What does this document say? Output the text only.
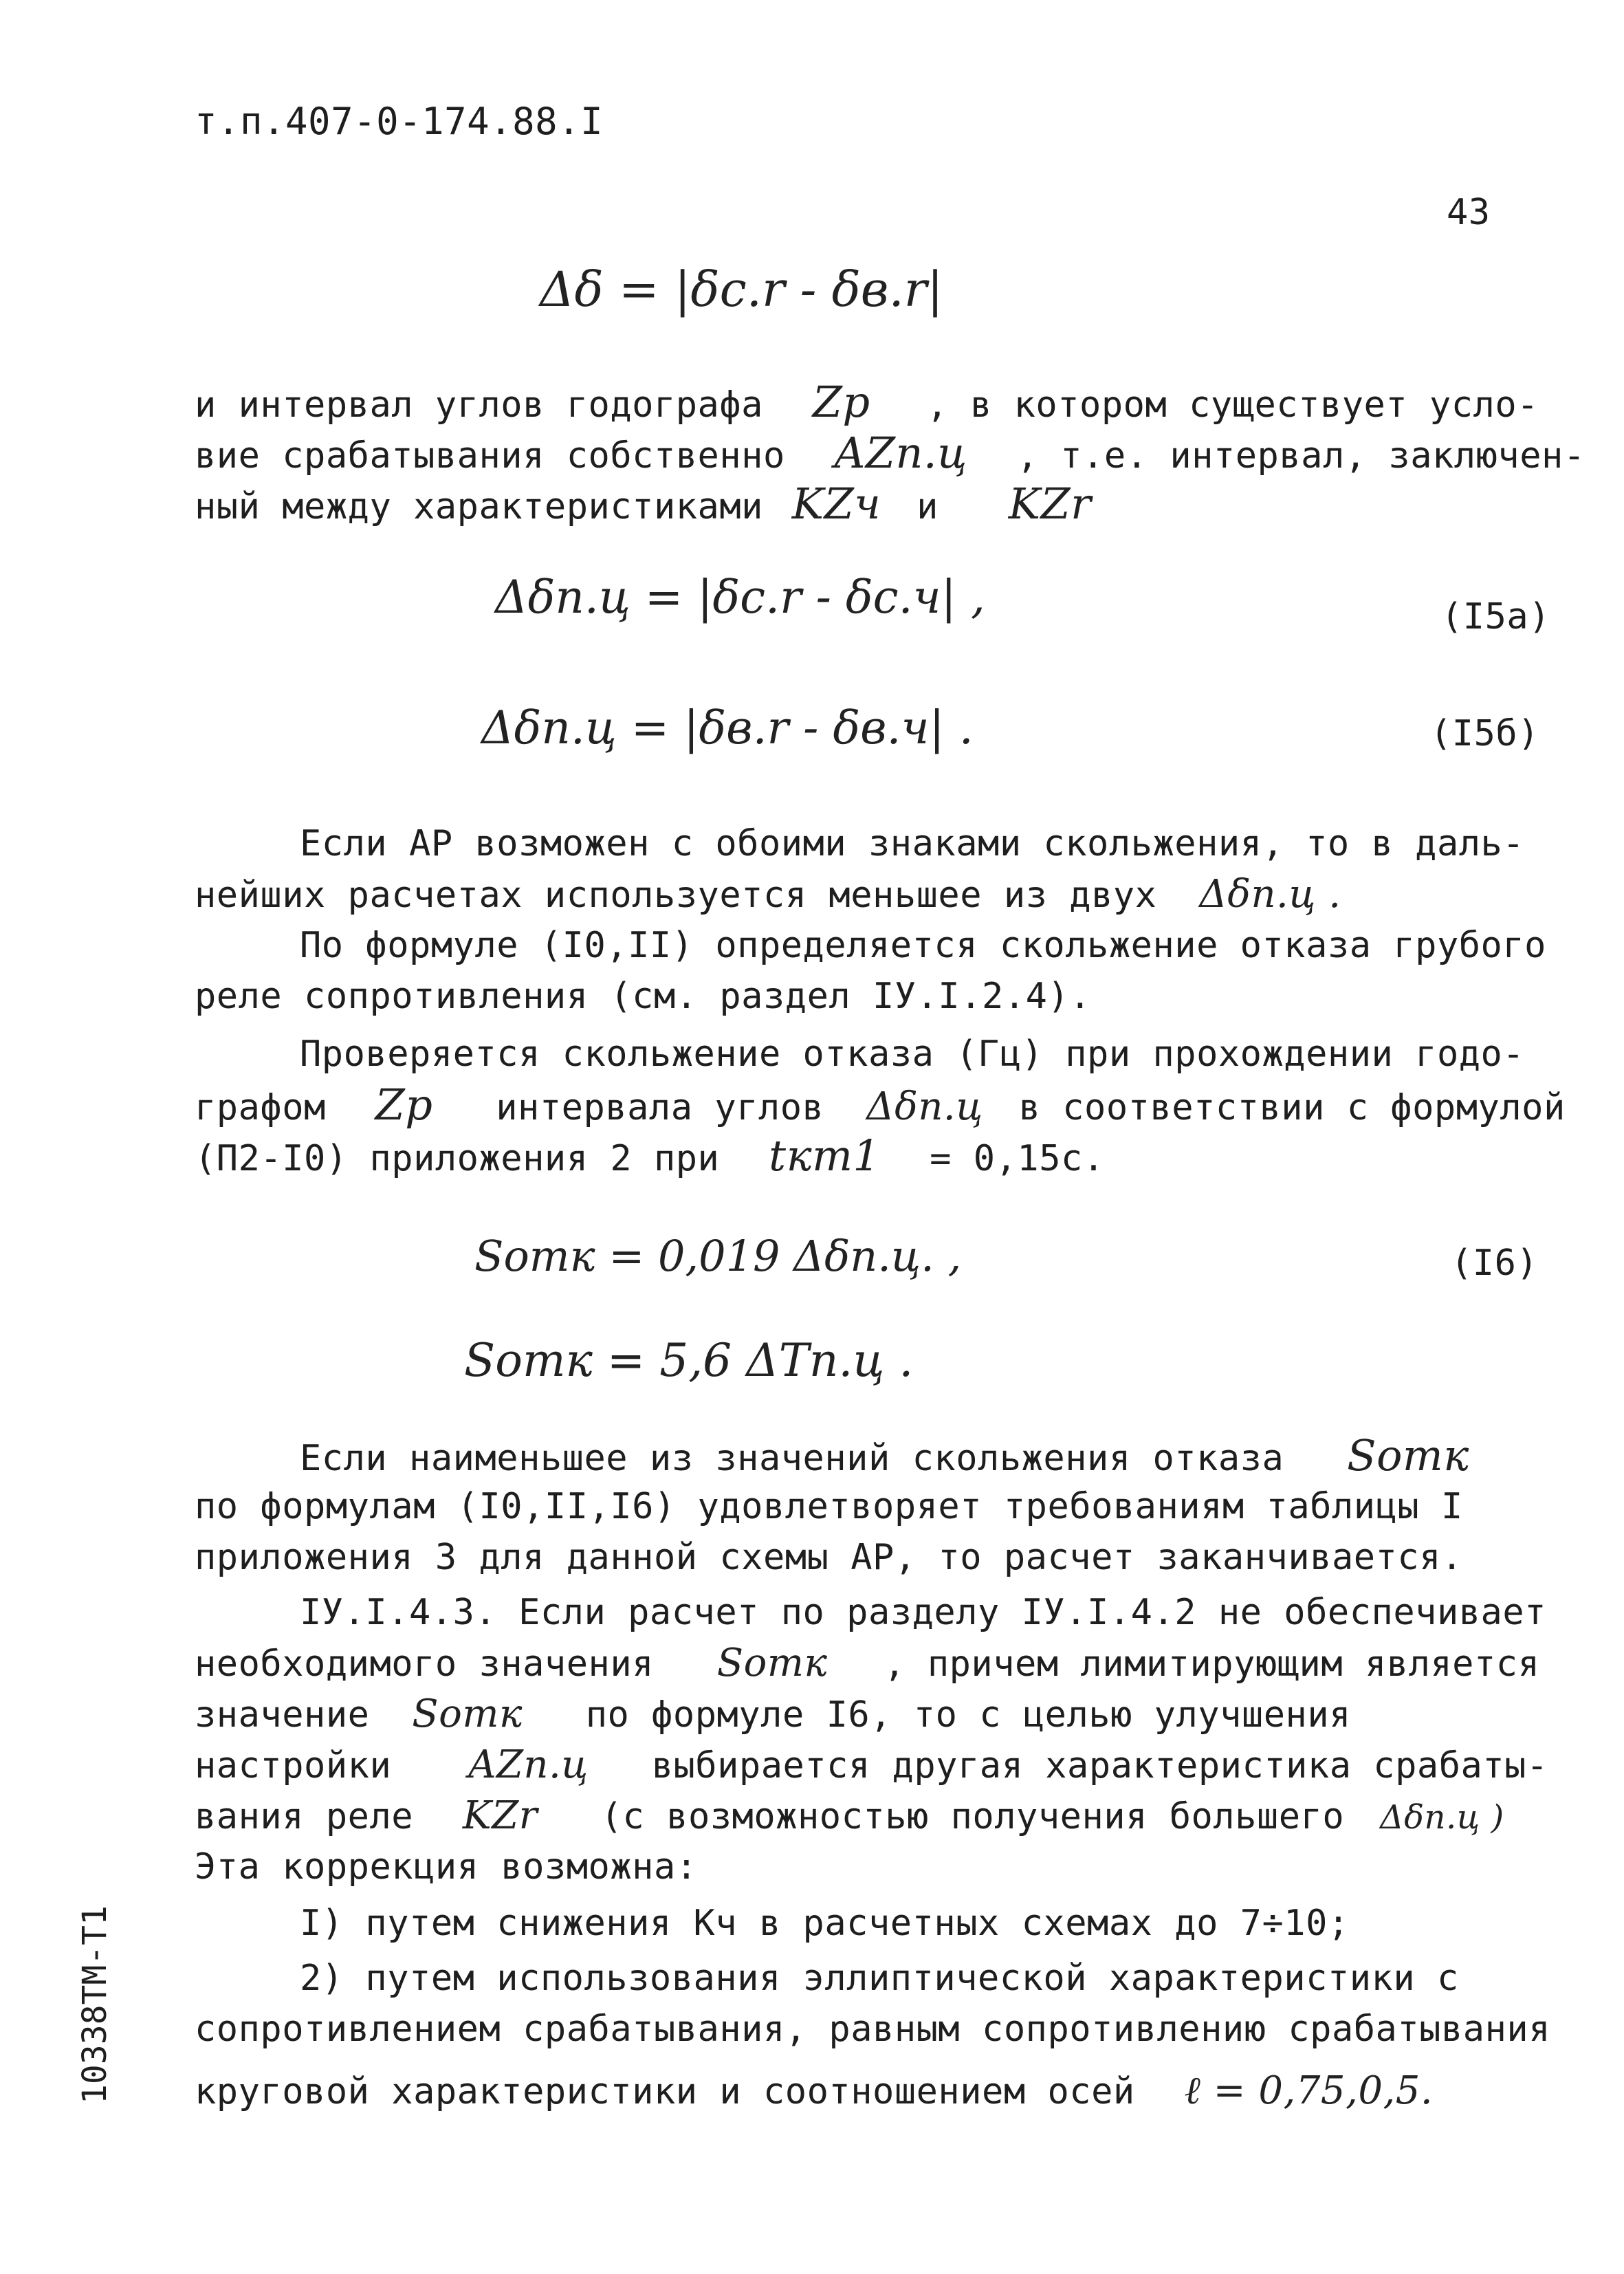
т.п.407-0-174.88.I
43
Δδ = |δc.r - δв.r|
и интервал углов годографа Zp , в котором существует усло-
вие срабатывания собственно AZп.ц , т.е. интервал, заключен-
ный между характеристиками KZч и KZr
Δδп.ц = |δc.r - δc.ч| ,	(I5a)
Δδп.ц = |δв.r - δв.ч| .	(I5б)
Если АР возможен с обоими знаками скольжения, то в даль-
нейших расчетах используется меньшее из двух Δδп.ц .
По формуле (I0,II) определяется скольжение отказа грубого
реле сопротивления (см. раздел IУ.I.2.4).
Проверяется скольжение отказа (Гц) при прохождении годо-
графом Zp интервала углов Δδп.ц в соответствии с формулой
(П2-I0) приложения 2 при tкт1 = 0,15с.
Sотк = 0,019 Δδп.ц. ,	(I6)
Sотк = 5,6 ΔTп.ц .
Если наименьшее из значений скольжения отказа Sотк
по формулам (I0,II,I6) удовлетворяет требованиям таблицы I
приложения 3 для данной схемы АР, то расчет заканчивается.
IУ.I.4.3. Если расчет по разделу IУ.I.4.2 не обеспечивает
необходимого значения Sотк , причем лимитирующим является
значение Sотк по формуле I6, то с целью улучшения
настройки AZп.ц выбирается другая характеристика срабаты-
вания реле KZr (с возможностью получения большего Δδп.ц )
Эта коррекция возможна:
I) путем снижения Кч в расчетных схемах до 7÷10;
2) путем использования эллиптической характеристики с
сопротивлением срабатывания, равным сопротивлению срабатывания
круговой характеристики и соотношением осей ℓ = 0,75,0,5.
10338ТМ-Т1
